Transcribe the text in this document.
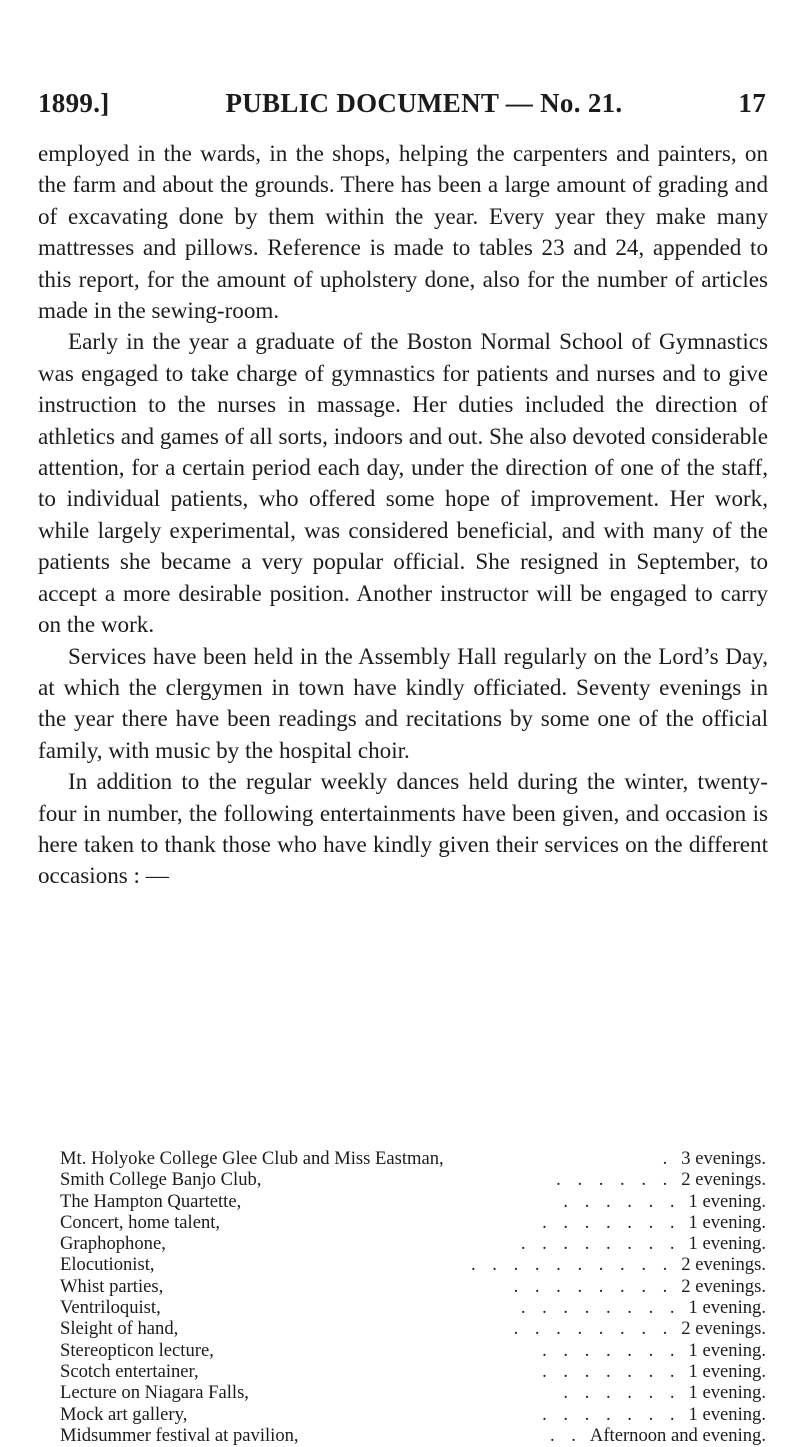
1899.]	PUBLIC DOCUMENT — No. 21.	17

employed in the wards, in the shops, helping the carpenters and painters, on the farm and about the grounds. There has been a large amount of grading and of excavating done by them within the year. Every year they make many mattresses and pillows. Reference is made to tables 23 and 24, appended to this report, for the amount of upholstery done, also for the number of articles made in the sewing-room.

Early in the year a graduate of the Boston Normal School of Gymnastics was engaged to take charge of gymnastics for patients and nurses and to give instruction to the nurses in massage. Her duties included the direction of athletics and games of all sorts, indoors and out. She also devoted considerable attention, for a certain period each day, under the direction of one of the staff, to individual patients, who offered some hope of improvement. Her work, while largely experimental, was considered beneficial, and with many of the patients she became a very popular official. She resigned in September, to accept a more desirable position. Another instructor will be engaged to carry on the work.

Services have been held in the Assembly Hall regularly on the Lord’s Day, at which the clergymen in town have kindly officiated. Seventy evenings in the year there have been readings and recitations by some one of the official family, with music by the hospital choir.

In addition to the regular weekly dances held during the winter, twenty-four in number, the following entertainments have been given, and occasion is here taken to thank those who have kindly given their services on the different occasions : —

Mt. Holyoke College Glee Club and Miss Eastman,	. 3 evenings.
Smith College Banjo Club,	. . . . . . 2 evenings.
The Hampton Quartette,	. . . . . . 1 evening.
Concert, home talent,	. . . . . . . 1 evening.
Graphophone,	. . . . . . . . 1 evening.
Elocutionist,	. . . . . . . . . . 2 evenings.
Whist parties,	. . . . . . . . 2 evenings.
Ventriloquist,	. . . . . . . . 1 evening.
Sleight of hand,	. . . . . . . . 2 evenings.
Stereopticon lecture,	. . . . . . . 1 evening.
Scotch entertainer,	. . . . . . . 1 evening.
Lecture on Niagara Falls,	. . . . . . 1 evening.
Mock art gallery,	. . . . . . . 1 evening.
Midsummer festival at pavilion,	. . Afternoon and evening.
